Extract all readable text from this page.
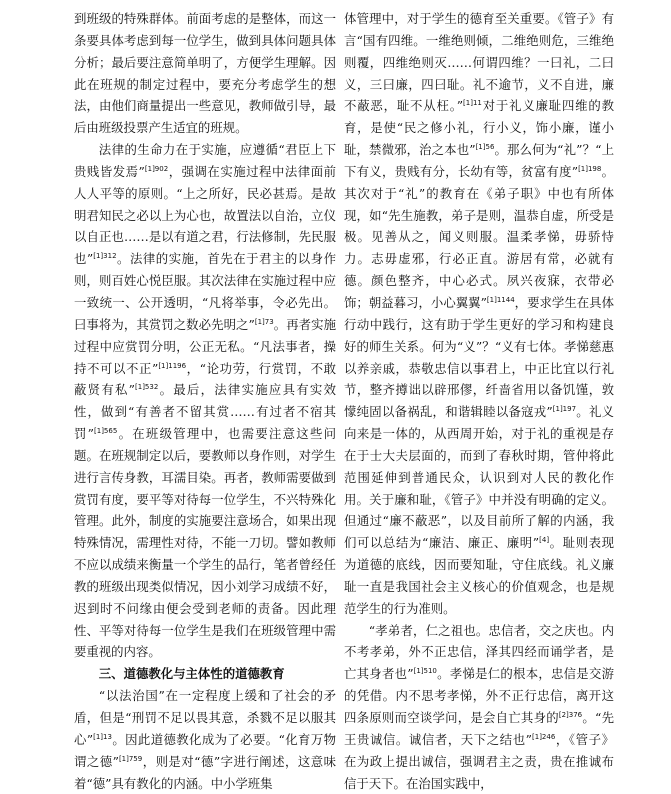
到班级的特殊群体。前面考虑的是整体，而这一条要具体考虑到每一位学生，做到具体问题具体分析；最后要注意简单明了，方便学生理解。因此在班规的制定过程中，要充分考虑学生的想法，由他们商量提出一些意见，教师做引导，最后由班级投票产生适宜的班规。

法律的生命力在于实施，应遵循“君臣上下贵贱皆发焉”$^{[1]902}$，强调在实施过程中法律面前人人平等的原则。“上之所好，民必甚焉。是故明君知民之必以上为心也，故置法以自治，立仪以自正也……是以有道之君，行法修制，先民服也”$^{[1]312}$。法律的实施，首先在于君主的以身作则，则百姓心悦臣服。其次法律在实施过程中应一致统一、公开透明，“凡将举事，令必先出。曰事将为，其赏罚之数必先明之”$^{[1]73}$。再者实施过程中应赏罚分明，公正无私。“凡法事者，操持不可以不正”$^{[1]1196}$，“论功劳，行赏罚，不敢蔽贤有私”$^{[1]532}$。最后，法律实施应具有实效性，做到“有善者不留其赏……有过者不宿其罚”$^{[1]565}$。在班级管理中，也需要注意这些问题。在班规制定以后，要教师以身作则，对学生进行言传身教，耳濡目染。再者，教师需要做到赏罚有度，要平等对待每一位学生，不兴特殊化管理。此外，制度的实施要注意场合，如果出现特殊情况，需理性对待，不能一刀切。譬如教师不应以成绩来衡量一个学生的品行，笔者曾经任教的班级出现类似情况，因小刘学习成绩不好，迟到时不问缘由便会受到老师的责备。因此理性、平等对待每一位学生是我们在班级管理中需要重视的内容。

三、道德教化与主体性的道德教育

“以法治国”在一定程度上缓和了社会的矛盾，但是“刑罚不足以畏其意，杀戮不足以服其心”$^{[1]13}$。因此道德教化成为了必要。“化育万物谓之德”$^{[1]759}$，则是对“德”字进行阐述，这意味着“德”具有教化的内涵。中小学班集

体管理中，对于学生的德育至关重要。《管子》有言“国有四维。一维绝则倾，二维绝则危，三维绝则覆，四维绝则灭……何谓四维？一曰礼，二曰义，三曰廉，四曰耻。礼不逾节，义不自进，廉不蔽恶，耻不从枉。”$^{[1]11}$对于礼义廉耻四维的教育，是使“民之修小礼，行小义，饰小廉，谨小耻，禁微邪，治之本也”$^{[1]56}$。那么何为“礼”？“上下有义，贵贱有分，长幼有等，贫富有度”$^{[1]198}$。其次对于“礼”的教育在《弟子职》中也有所体现，如“先生施教，弟子是则，温恭自虚，所受是极。见善从之，闻义则服。温柔孝悌，毋骄恃力。志毋虚邪，行必正直。游居有常，必就有德。颜色整齐，中心必式。夙兴夜寐，衣带必饰；朝益暮习，小心翼翼”$^{[1]1144}$，要求学生在具体行动中践行，这有助于学生更好的学习和构建良好的师生关系。何为“义”？“义有七体。孝悌慈惠以养亲戚，恭敬忠信以事君上，中正比宜以行礼节，整齐撙诎以辟邢僇，纤啬省用以备饥馑，敦懞纯固以备祸乱，和谐辑睦以备寇戎”$^{[1]197}$。礼义向来是一体的，从西周开始，对于礼的重视是存在于士大夫层面的，而到了春秋时期，管仲将此范围延伸到普通民众，认识到对人民的教化作用。关于廉和耻，《管子》中并没有明确的定义。但通过“廉不蔽恶”，以及目前所了解的内涵，我们可以总结为“廉洁、廉正、廉明”[4]。耻则表现为道德的底线，因而要知耻，守住底线。礼义廉耻一直是我国社会主义核心的价值观念，也是规范学生的行为准则。

“孝弟者，仁之祖也。忠信者，交之庆也。内不考孝弟，外不正忠信，泽其四经而诵学者，是亡其身者也”$^{[1]510}$。孝悌是仁的根本，忠信是交游的凭借。内不思考孝悌，外不正行忠信，离开这四条原则而空谈学问，是会自亡其身的$^{[2]376}$。“先王贵诚信。诚信者，天下之结也”$^{[1]246}$，《管子》在为政上提出诚信，强调君主之责，贵在推诚布信于天下。在治国实践中，
